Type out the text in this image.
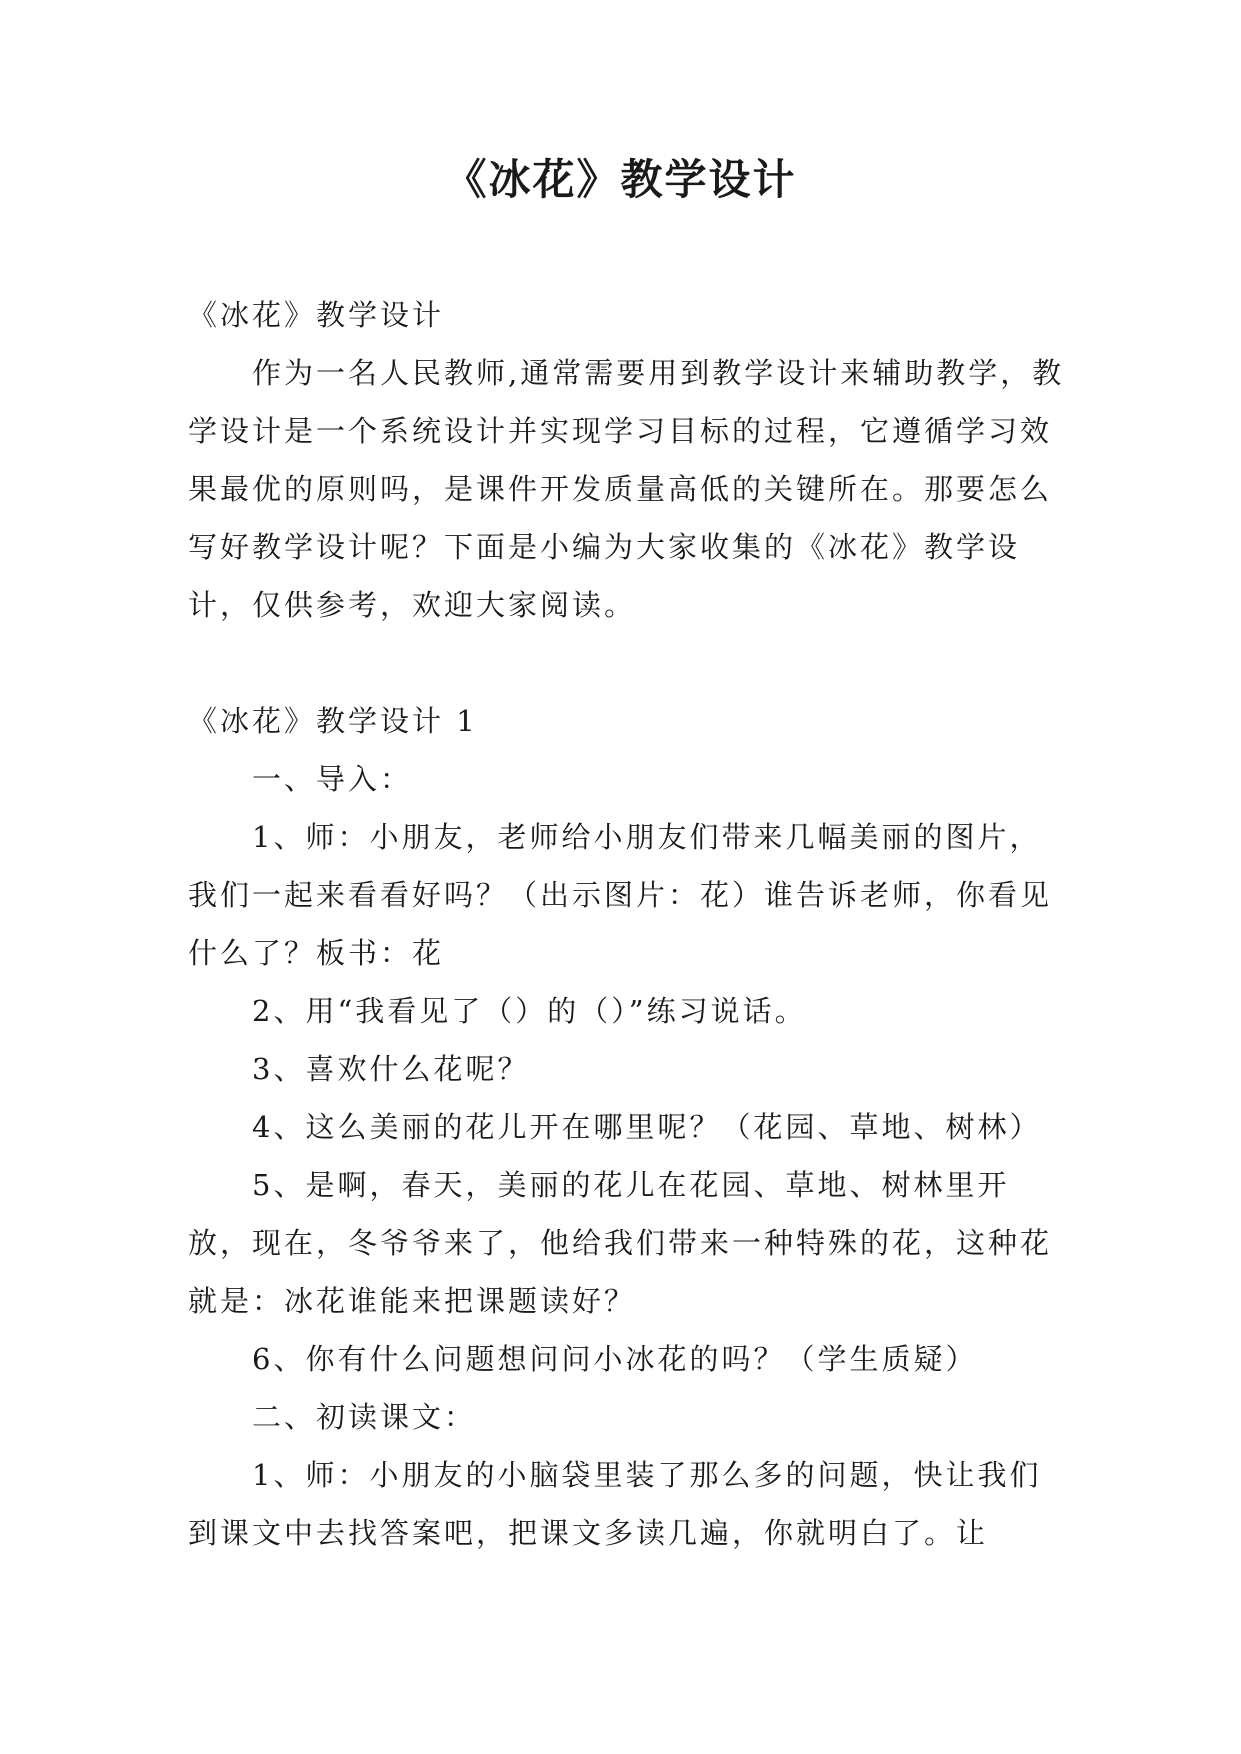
《冰花》教学设计

《冰花》教学设计

作为一名人民教师,通常需要用到教学设计来辅助教学，教学设计是一个系统设计并实现学习目标的过程，它遵循学习效果最优的原则吗，是课件开发质量高低的关键所在。那要怎么写好教学设计呢？下面是小编为大家收集的《冰花》教学设计，仅供参考，欢迎大家阅读。

《冰花》教学设计 1

一、导入：

1、师：小朋友，老师给小朋友们带来几幅美丽的图片，我们一起来看看好吗？（出示图片：花）谁告诉老师，你看见什么了？板书：花

2、用“我看见了（）的（）”练习说话。

3、喜欢什么花呢？

4、这么美丽的花儿开在哪里呢？（花园、草地、树林）

5、是啊，春天，美丽的花儿在花园、草地、树林里开放，现在，冬爷爷来了，他给我们带来一种特殊的花，这种花就是：冰花谁能来把课题读好？

6、你有什么问题想问问小冰花的吗？（学生质疑）

二、初读课文：

1、师：小朋友的小脑袋里装了那么多的问题，快让我们到课文中去找答案吧，把课文多读几遍，你就明白了。让
